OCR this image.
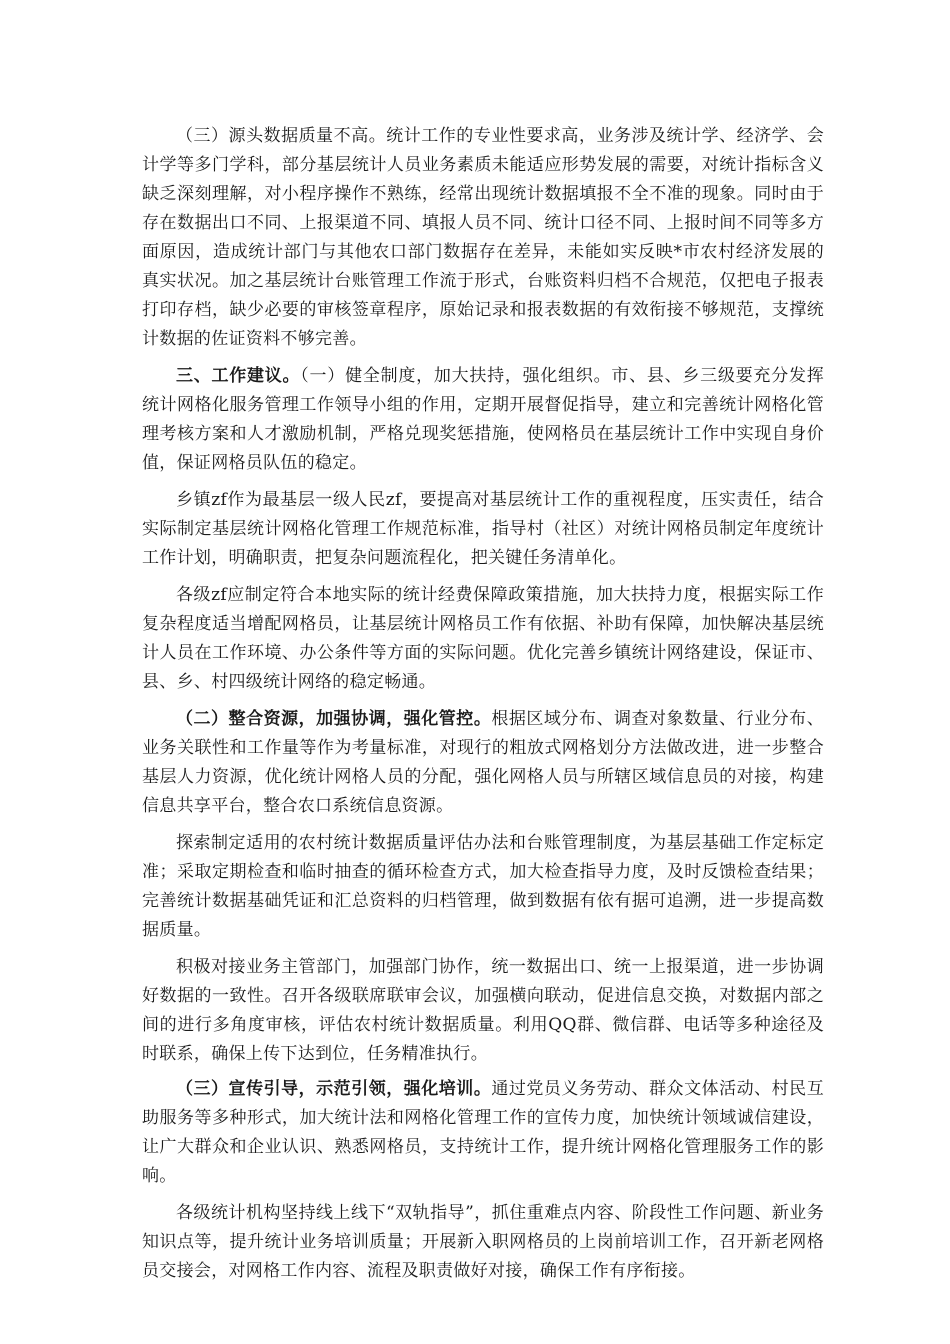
（三）源头数据质量不高。统计工作的专业性要求高，业务涉及统计学、经济学、会计学等多门学科，部分基层统计人员业务素质未能适应形势发展的需要，对统计指标含义缺乏深刻理解，对小程序操作不熟练，经常出现统计数据填报不全不准的现象。同时由于存在数据出口不同、上报渠道不同、填报人员不同、统计口径不同、上报时间不同等多方面原因，造成统计部门与其他农口部门数据存在差异，未能如实反映*市农村经济发展的真实状况。加之基层统计台账管理工作流于形式，台账资料归档不合规范，仅把电子报表打印存档，缺少必要的审核签章程序，原始记录和报表数据的有效衔接不够规范，支撑统计数据的佐证资料不够完善。

三、工作建议。（一）健全制度，加大扶持，强化组织。市、县、乡三级要充分发挥统计网格化服务管理工作领导小组的作用，定期开展督促指导，建立和完善统计网格化管理考核方案和人才激励机制，严格兑现奖惩措施，使网格员在基层统计工作中实现自身价值，保证网格员队伍的稳定。

乡镇zf作为最基层一级人民zf，要提高对基层统计工作的重视程度，压实责任，结合实际制定基层统计网格化管理工作规范标准，指导村（社区）对统计网格员制定年度统计工作计划，明确职责，把复杂问题流程化，把关键任务清单化。

各级zf应制定符合本地实际的统计经费保障政策措施，加大扶持力度，根据实际工作复杂程度适当增配网格员，让基层统计网格员工作有依据、补助有保障，加快解决基层统计人员在工作环境、办公条件等方面的实际问题。优化完善乡镇统计网络建设，保证市、县、乡、村四级统计网络的稳定畅通。

（二）整合资源，加强协调，强化管控。根据区域分布、调查对象数量、行业分布、业务关联性和工作量等作为考量标准，对现行的粗放式网格划分方法做改进，进一步整合基层人力资源，优化统计网格人员的分配，强化网格人员与所辖区域信息员的对接，构建信息共享平台，整合农口系统信息资源。

探索制定适用的农村统计数据质量评估办法和台账管理制度，为基层基础工作定标定准；采取定期检查和临时抽查的循环检查方式，加大检查指导力度，及时反馈检查结果；完善统计数据基础凭证和汇总资料的归档管理，做到数据有依有据可追溯，进一步提高数据质量。

积极对接业务主管部门，加强部门协作，统一数据出口、统一上报渠道，进一步协调好数据的一致性。召开各级联席联审会议，加强横向联动，促进信息交换，对数据内部之间的进行多角度审核，评估农村统计数据质量。利用QQ群、微信群、电话等多种途径及时联系，确保上传下达到位，任务精准执行。

（三）宣传引导，示范引领，强化培训。通过党员义务劳动、群众文体活动、村民互助服务等多种形式，加大统计法和网格化管理工作的宣传力度，加快统计领域诚信建设，让广大群众和企业认识、熟悉网格员，支持统计工作，提升统计网格化管理服务工作的影响。

各级统计机构坚持线上线下“双轨指导”，抓住重难点内容、阶段性工作问题、新业务知识点等，提升统计业务培训质量；开展新入职网格员的上岗前培训工作，召开新老网格员交接会，对网格工作内容、流程及职责做好对接，确保工作有序衔接。
